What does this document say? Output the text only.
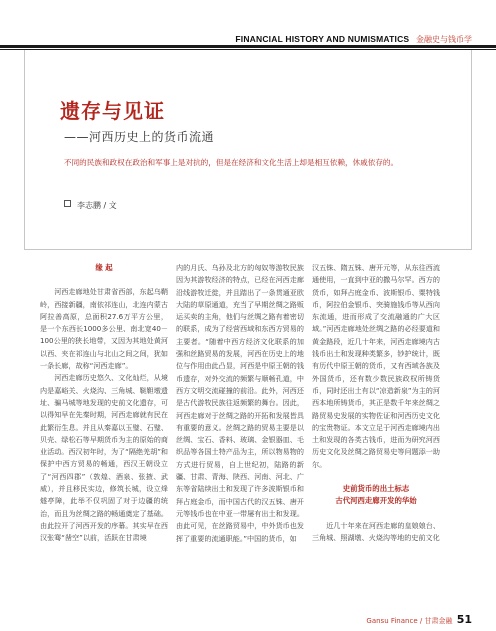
FINANCIAL HISTORY AND NUMISMATICS 金融史与钱币学
遗存与见证
——河西历史上的货币流通
不同的民族和政权在政治和军事上是对抗的，但是在经济和文化生活上却是相互依赖，休戚依存的。
李志鹏 / 文
缘 起

河西走廊地处甘肃省西部，东起乌鞘岭，西接新疆，南依祁连山，北连内蒙古阿拉善高原，总面积27.6万平方公里，是一个东西长1000多公里、南北宽40－100公里的狭长地带，又因为其地处黄河以西、夹在祁连山与北山之间之间，犹如一条长廊，故称“河西走廊”。

河西走廊历史悠久、文化灿烂，从境内是嘉峪关、火烧沟、三角城、鞑靼墩遗址、骗马城等地发现的史前文化遗存，可以得知早在先秦时期，河西走廊就有民在此繁衍生息。并且从秦嘉以玉璧、石璧、贝壳、绿松石等早期货币为主的原始的商业活动。西汉初年时，为了“隔绝羌胡”和保护中西方贸易的畅通，西汉王朝设立了“河西四郡”（敦煌、酒泉、张掖、武威），并且移民实边，修筑长城，设立烽燧亭障，此举不仅巩固了对于边疆的统治，而且为丝绸之路的畅通奠定了基础。由此拉开了河西开发的序幕。其实早在西汉张骞“凿空”以前，活跃在甘肃境

内的月氏、乌孙及北方的匈奴等游牧民族因为其游牧经济的特点，已经在河西走廊沿线游牧迁徙，并且踏出了一条贯通亚欧大陆的草原通道，充当了早期丝绸之路贩运买卖的主角，他们与丝绸之路有着密切的联系，成为了经营西域和东西方贸易的主要者。“随着中西方经济文化联系的加强和丝路贸易的发展，河西在历史上的地位与作用由此凸显，河西是中原王朝的钱币遗存，对外交流的频繁与顺畅孔道，中西方文明交流碰撞的前沿。此外，河西还是古代游牧民族往返频繁的舞台。因此，河西走廊对于丝绸之路的开拓和发展皆具有重要的意义。丝绸之路的贸易主要是以丝绸、宝石、香料、玻璃、金银器皿、毛织品等各国土特产品为主，所以物易物的方式进行贸易，自上世纪初，陆路的新疆、甘肃、青海、陕西、河南、河北、广东等省陆续出土和发现了许多波斯银币和拜占庭金币，而中国古代的汉五铢、唐开元等钱币也在中亚一带屡有出土和发现。由此可见，在丝路贸易中，中外货币也发挥了重要的流通职能。”中国的货币，如

汉五铢、隋五铢、唐开元等，从东往西流通使用，一直到中亚的撒马尔罕。西方的货币，如拜占庭金币、波斯银币、粟特钱币，阿拉伯金银币、突骑施钱币等从西向东流通，进而形成了交流融通的广大区域。”河西走廊地处丝绸之路的必经要道和黄金路段，近几十年来，河西走廊境内古钱币出土和发现种类繁多，钞护统计，既有历代中原王朝的货币，又有西域各族及外国货币，还有数少数民族政权所铸货币，同时还出土有以“凉造新泉”为主的河西本地所铸货币，其正是数千年来丝绸之路贸易史发展的实物佐证和河西历史文化的宝贵物证。本文立足于河西走廊境内出土和发现的各类古钱币，进而为研究河西历史文化及丝绸之路贸易史等问题添一助尔。

史前货币的出土标志
古代河西走廊开发的华始

近几十年来在河西走廊的皇娘娘台、三角城、照湖墩、火烧沟等地的史前文化

Gansu Finance / 甘肃金融 51
